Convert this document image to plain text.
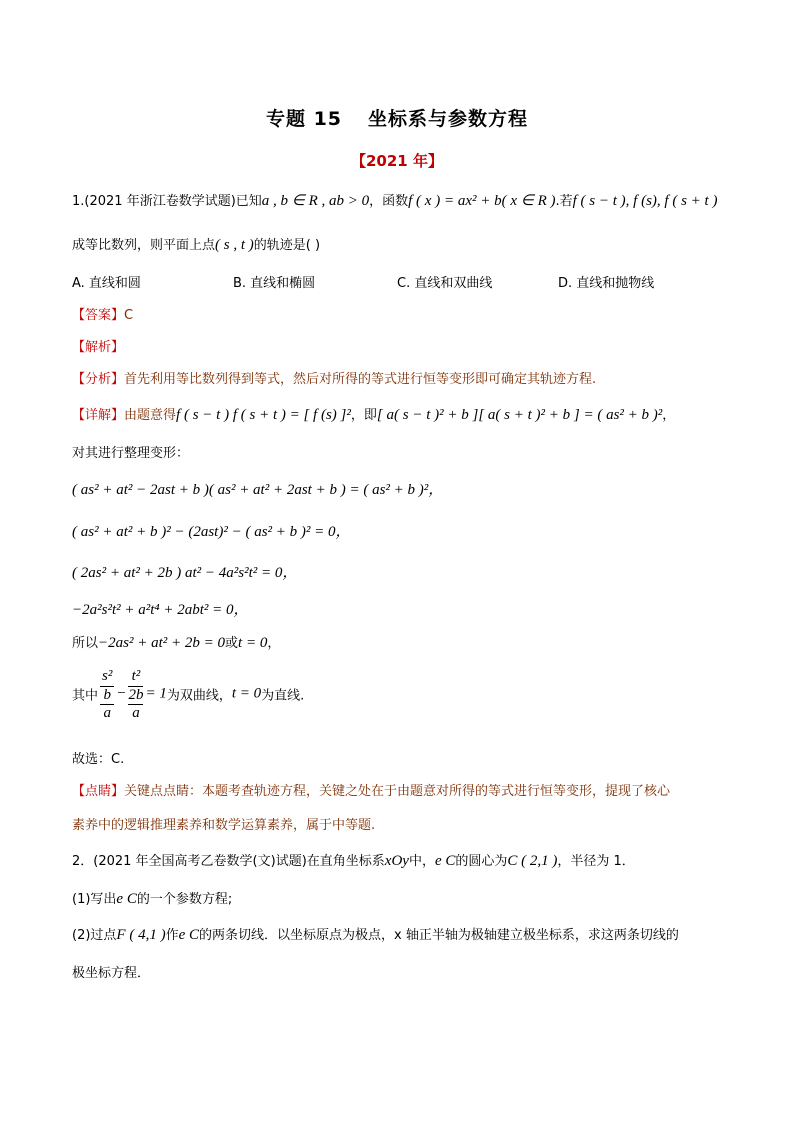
专题 15 坐标系与参数方程
【2021 年】
1.(2021 年浙江卷数学试题)已知a , b ∈ R , ab > 0，函数f ( x ) = ax² + b( x ∈ R ).若f ( s − t ), f (s), f ( s + t )
成等比数列，则平面上点( s , t )的轨迹是( )
A. 直线和圆	B. 直线和椭圆	C. 直线和双曲线	D. 直线和抛物线
【答案】C
【解析】
【分析】首先利用等比数列得到等式，然后对所得的等式进行恒等变形即可确定其轨迹方程.
【详解】由题意得f ( s − t ) f ( s + t ) = [ f (s) ]²，即[ a( s − t )² + b ][ a( s + t )² + b ] = ( as² + b )²，
对其进行整理变形：
( as² + at² − 2ast + b )( as² + at² + 2ast + b ) = ( as² + b )²，
( as² + at² + b )² − (2ast)² − ( as² + b )² = 0，
( 2as² + at² + 2b ) at² − 4a²s²t² = 0，
−2a²s²t² + a²t⁴ + 2abt² = 0，
所以−2as² + at² + 2b = 0或t = 0，
其中 s²
b
a − t²
2b
a = 1为双曲线，t = 0为直线.
故选：C.
【点睛】关键点点睛：本题考查轨迹方程，关键之处在于由题意对所得的等式进行恒等变形，提现了核心
素养中的逻辑推理素养和数学运算素养，属于中等题.
2．(2021 年全国高考乙卷数学(文)试题)在直角坐标系xOy中，e C的圆心为C ( 2,1 )，半径为 1．
(1)写出e C的一个参数方程;
(2)过点F ( 4,1 )作e C的两条切线．以坐标原点为极点，x 轴正半轴为极轴建立极坐标系，求这两条切线的
极坐标方程．
